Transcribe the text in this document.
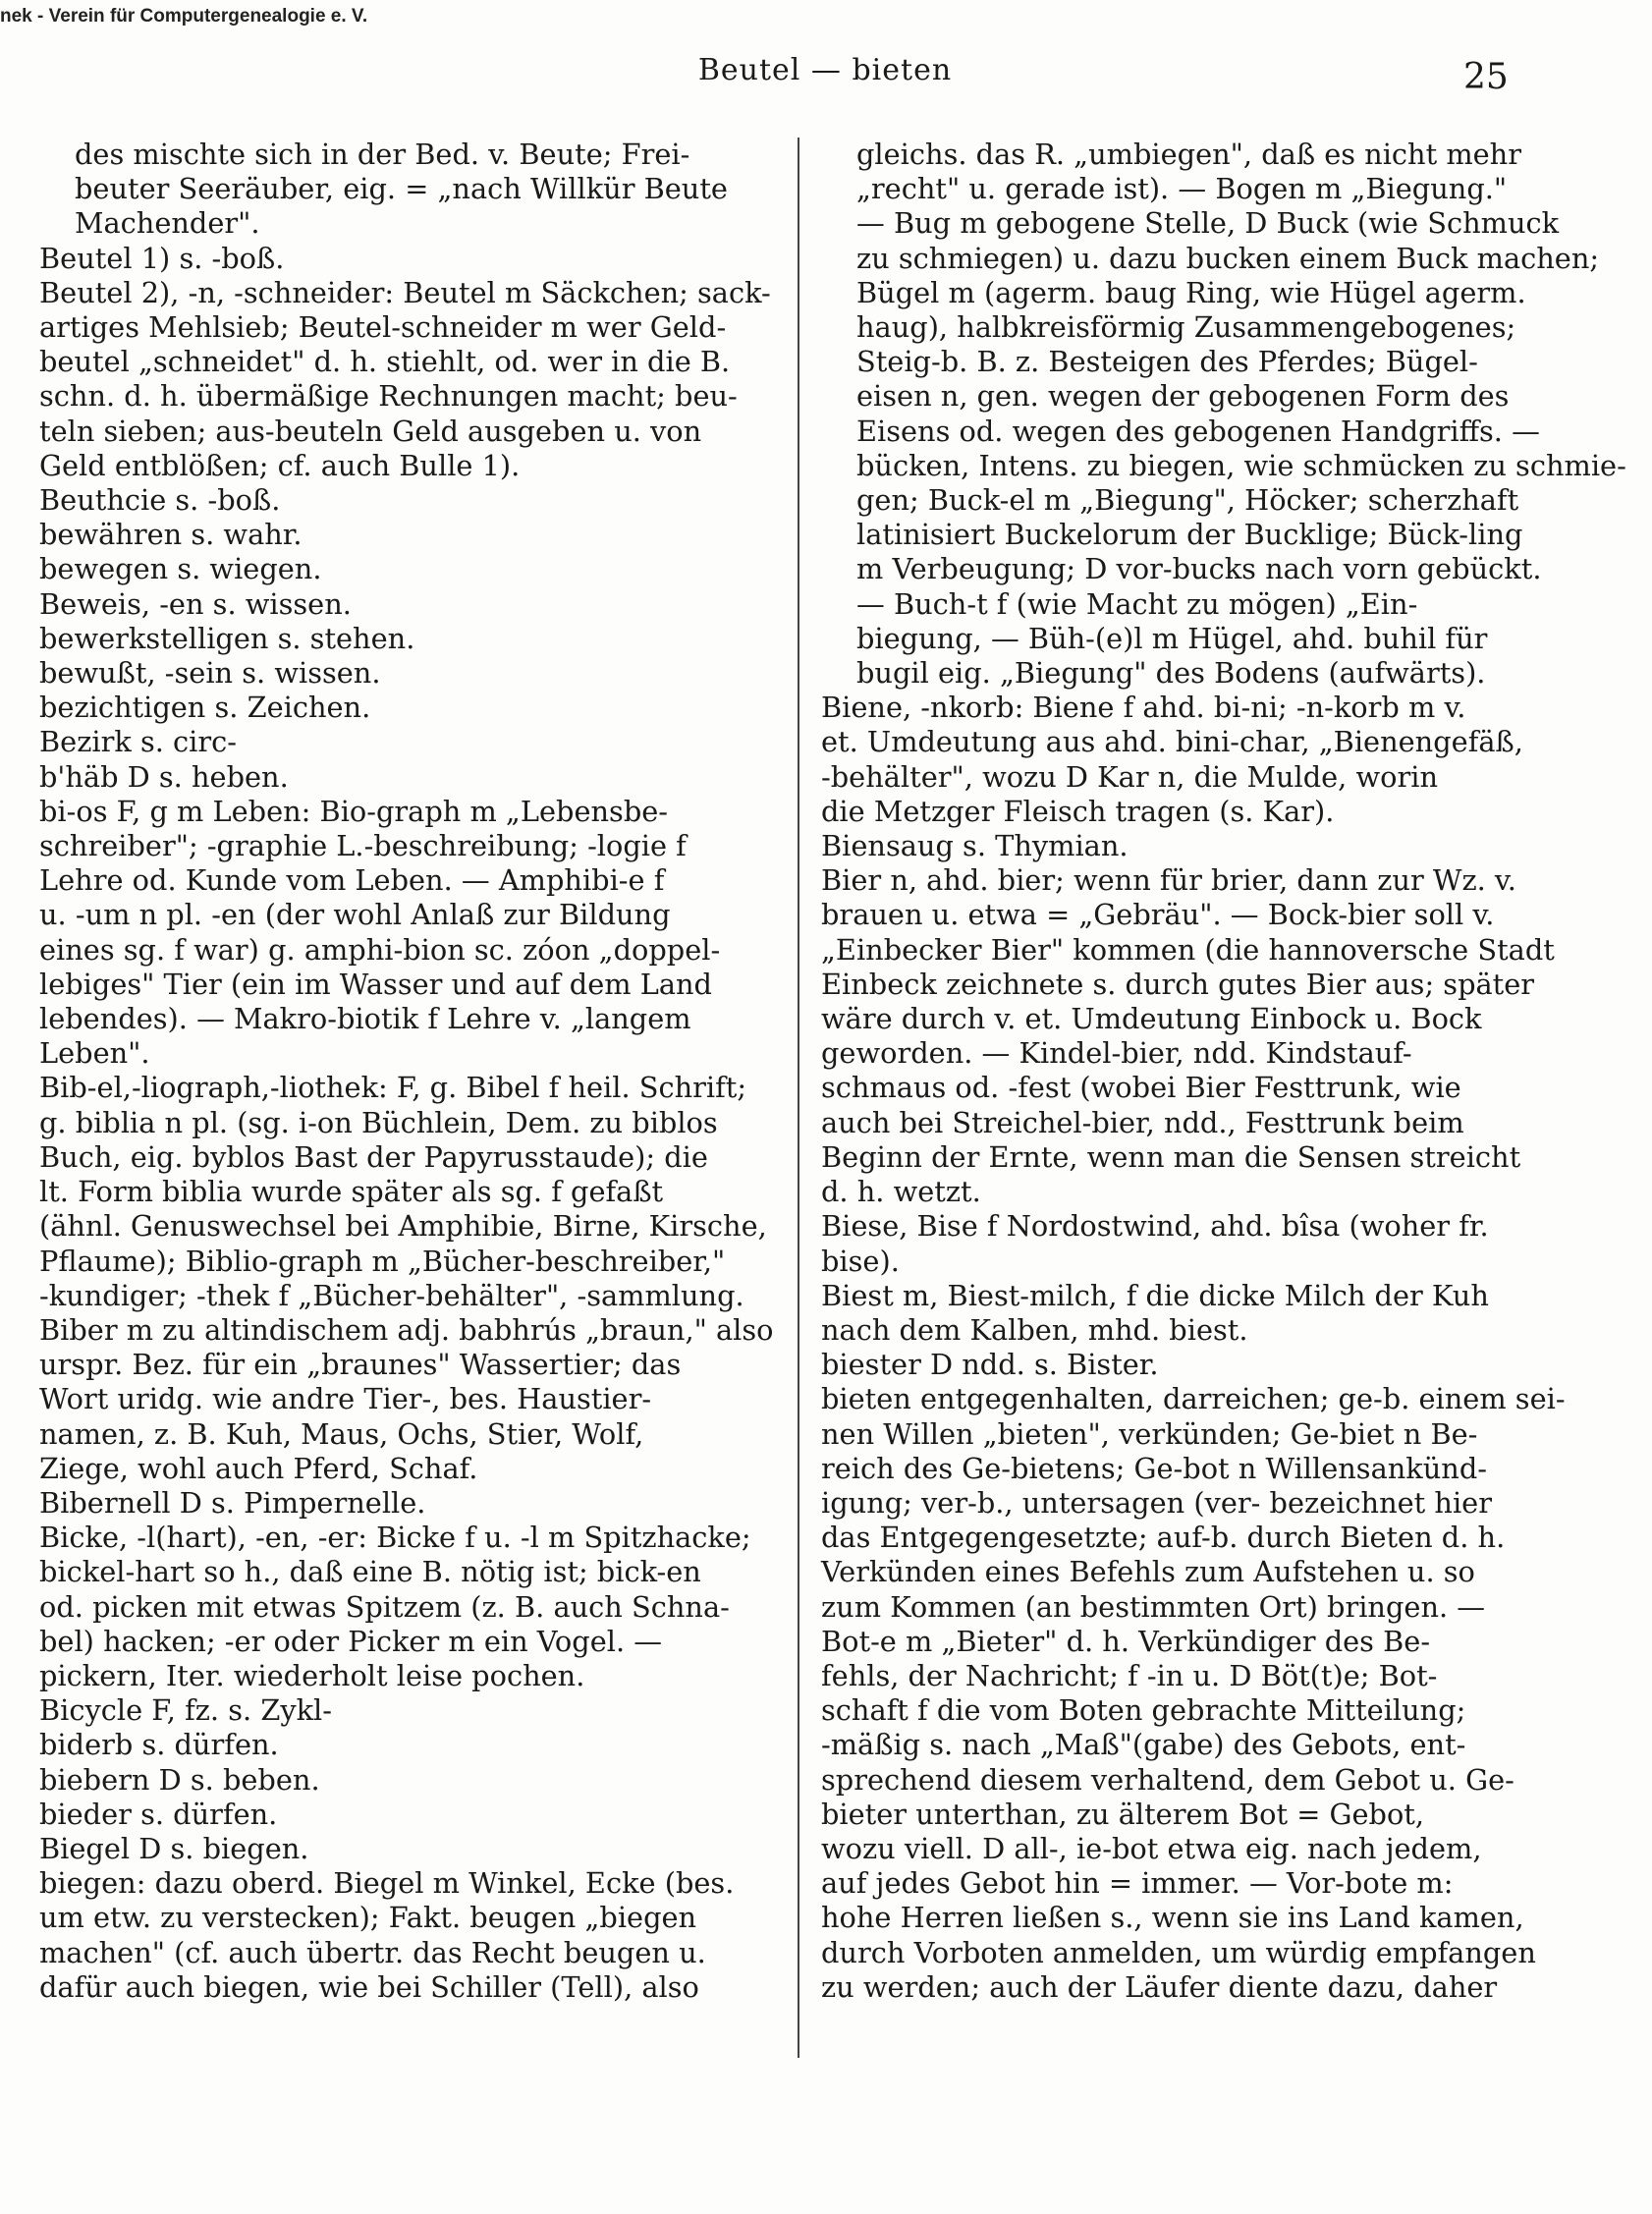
nek - Verein für Computergenealogie e. V.
Beutel — bieten	25

des mischte sich in der Bed. v. Beute; Frei-
beuter Seeräuber, eig. = „nach Willkür Beute
Machender".

Beutel 1) s. -boß.

Beutel 2), -n, -schneider: Beutel m Säckchen; sack-
artiges Mehlsieb; Beutel-schneider m wer Geld-
beutel „schneidet" d. h. stiehlt, od. wer in die B.
schn. d. h. übermäßige Rechnungen macht; beu-
teln sieben; aus-beuteln Geld ausgeben u. von
Geld entblößen; cf. auch Bulle 1).

Beuthcie s. -boß.

bewähren s. wahr.

bewegen s. wiegen.

Beweis, -en s. wissen.

bewerkstelligen s. stehen.

bewußt, -sein s. wissen.

bezichtigen s. Zeichen.

Bezirk s. circ-

b'häb D s. heben.

bi-os F, g m Leben: Bio-graph m „Lebensbe-
schreiber"; -graphie L.-beschreibung; -logie f
Lehre od. Kunde vom Leben. — Amphibi-e f
u. -um n pl. -en (der wohl Anlaß zur Bildung
eines sg. f war) g. amphi-bion sc. zóon „doppel-
lebiges" Tier (ein im Wasser und auf dem Land
lebendes). — Makro-biotik f Lehre v. „langem
Leben".

Bib-el,-liograph,-liothek: F, g. Bibel f heil. Schrift;
g. biblia n pl. (sg. i-on Büchlein, Dem. zu biblos
Buch, eig. byblos Bast der Papyrusstaude); die
lt. Form biblia wurde später als sg. f gefaßt
(ähnl. Genuswechsel bei Amphibie, Birne, Kirsche,
Pflaume); Biblio-graph m „Bücher-beschreiber,"
-kundiger; -thek f „Bücher-behälter", -sammlung.

Biber m zu altindischem adj. babhrús „braun," also
urspr. Bez. für ein „braunes" Wassertier; das
Wort uridg. wie andre Tier-, bes. Haustier-
namen, z. B. Kuh, Maus, Ochs, Stier, Wolf,
Ziege, wohl auch Pferd, Schaf.

Bibernell D s. Pimpernelle.

Bicke, -l(hart), -en, -er: Bicke f u. -l m Spitzhacke;
bickel-hart so h., daß eine B. nötig ist; bick-en
od. picken mit etwas Spitzem (z. B. auch Schna-
bel) hacken; -er oder Picker m ein Vogel. —
pickern, Iter. wiederholt leise pochen.

Bicycle F, fz. s. Zykl-

biderb s. dürfen.

biebern D s. beben.

bieder s. dürfen.

Biegel D s. biegen.

biegen: dazu oberd. Biegel m Winkel, Ecke (bes.
um etw. zu verstecken); Fakt. beugen „biegen
machen" (cf. auch übertr. das Recht beugen u.
dafür auch biegen, wie bei Schiller (Tell), also

gleichs. das R. „umbiegen", daß es nicht mehr
„recht" u. gerade ist). — Bogen m „Biegung."
— Bug m gebogene Stelle, D Buck (wie Schmuck
zu schmiegen) u. dazu bucken einem Buck machen;
Bügel m (agerm. baug Ring, wie Hügel agerm.
haug), halbkreisförmig Zusammengebogenes;
Steig-b. B. z. Besteigen des Pferdes; Bügel-
eisen n, gen. wegen der gebogenen Form des
Eisens od. wegen des gebogenen Handgriffs. —
bücken, Intens. zu biegen, wie schmücken zu schmie-
gen; Buck-el m „Biegung", Höcker; scherzhaft
latinisiert Buckelorum der Bucklige; Bück-ling
m Verbeugung; D vor-bucks nach vorn gebückt.
— Buch-t f (wie Macht zu mögen) „Ein-
biegung, — Büh-(e)l m Hügel, ahd. buhil für
bugil eig. „Biegung" des Bodens (aufwärts).

Biene, -nkorb: Biene f ahd. bi-ni; -n-korb m v.
et. Umdeutung aus ahd. bini-char, „Bienengefäß,
-behälter", wozu D Kar n, die Mulde, worin
die Metzger Fleisch tragen (s. Kar).

Biensaug s. Thymian.

Bier n, ahd. bier; wenn für brier, dann zur Wz. v.
brauen u. etwa = „Gebräu". — Bock-bier soll v.
„Einbecker Bier" kommen (die hannoversche Stadt
Einbeck zeichnete s. durch gutes Bier aus; später
wäre durch v. et. Umdeutung Einbock u. Bock
geworden. — Kindel-bier, ndd. Kindstauf-
schmaus od. -fest (wobei Bier Festtrunk, wie
auch bei Streichel-bier, ndd., Festtrunk beim
Beginn der Ernte, wenn man die Sensen streicht
d. h. wetzt.

Biese, Bise f Nordostwind, ahd. bîsa (woher fr.
bise).

Biest m, Biest-milch, f die dicke Milch der Kuh
nach dem Kalben, mhd. biest.

biester D ndd. s. Bister.

bieten entgegenhalten, darreichen; ge-b. einem sei-
nen Willen „bieten", verkünden; Ge-biet n Be-
reich des Ge-bietens; Ge-bot n Willensankünd-
igung; ver-b., untersagen (ver- bezeichnet hier
das Entgegengesetzte; auf-b. durch Bieten d. h.
Verkünden eines Befehls zum Aufstehen u. so
zum Kommen (an bestimmten Ort) bringen. —
Bot-e m „Bieter" d. h. Verkündiger des Be-
fehls, der Nachricht; f -in u. D Böt(t)e; Bot-
schaft f die vom Boten gebrachte Mitteilung;
-mäßig s. nach „Maß"(gabe) des Gebots, ent-
sprechend diesem verhaltend, dem Gebot u. Ge-
bieter unterthan, zu älterem Bot = Gebot,
wozu viell. D all-, ie-bot etwa eig. nach jedem,
auf jedes Gebot hin = immer. — Vor-bote m:
hohe Herren ließen s., wenn sie ins Land kamen,
durch Vorboten anmelden, um würdig empfangen
zu werden; auch der Läufer diente dazu, daher
